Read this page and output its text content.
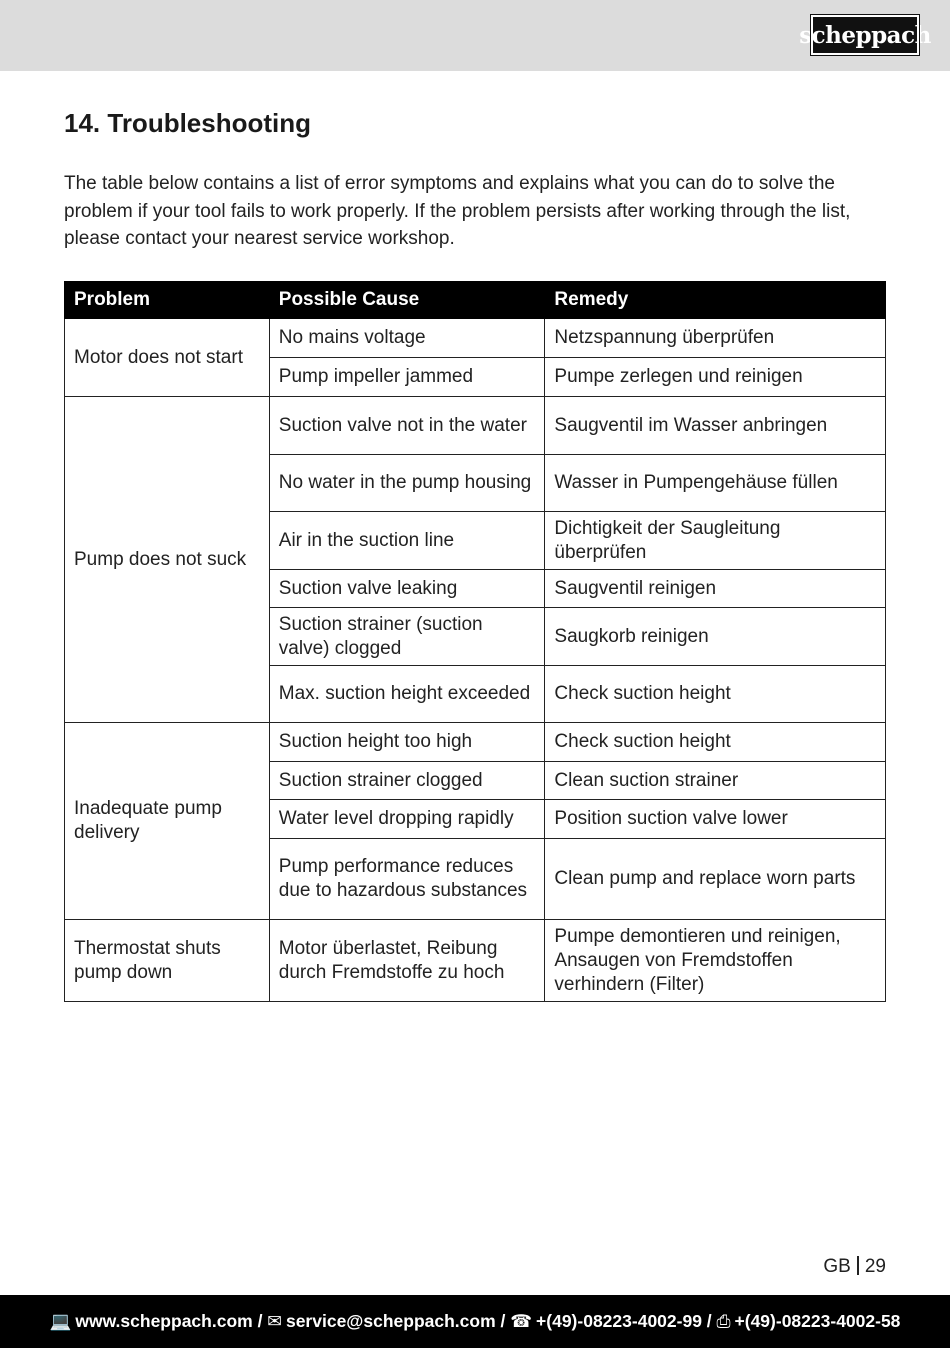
scheppach
14. Troubleshooting

The table below contains a list of error symptoms and explains what you can do to solve the problem if your tool fails to work properly. If the problem persists after working through the list, please contact your nearest service workshop.

Problem	Possible Cause	Remedy
Motor does not start	No mains voltage	Netzspannung überprüfen
	Pump impeller jammed	Pumpe zerlegen und reinigen
Pump does not suck	Suction valve not in the water	Saugventil im Wasser anbringen
	No water in the pump housing	Wasser in Pumpengehäuse füllen
	Air in the suction line	Dichtigkeit der Saugleitung überprüfen
	Suction valve leaking	Saugventil reinigen
	Suction strainer (suction valve) clogged	Saugkorb reinigen
	Max. suction height exceeded	Check suction height
Inadequate pump delivery	Suction height too high	Check suction height
	Suction strainer clogged	Clean suction strainer
	Water level dropping rapidly	Position suction valve lower
	Pump performance reduces due to hazardous substances	Clean pump and replace worn parts
Thermostat shuts pump down	Motor überlastet, Reibung durch Fremdstoffe zu hoch	Pumpe demontieren und reinigen, Ansaugen von Fremdstoffen verhindern (Filter)
GB 29
💻 www.scheppach.com / ✉ service@scheppach.com / ☎ +(49)-08223-4002-99 / ⎙ +(49)-08223-4002-58
